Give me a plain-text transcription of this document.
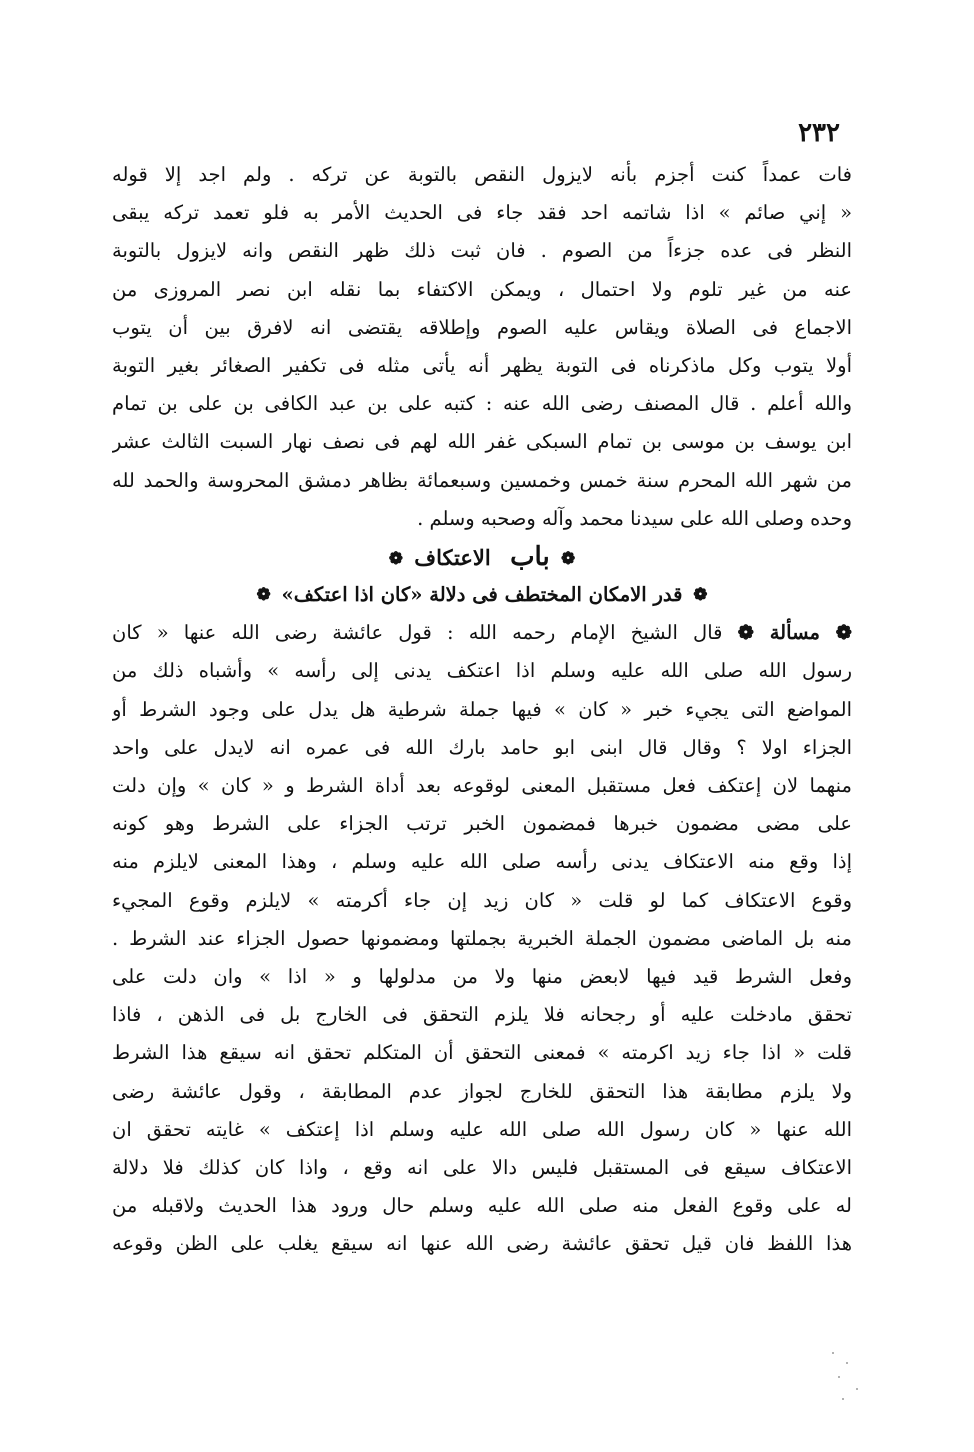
٢٣٢
فات عمداً كنت أجزم بأنه لايزول النقص بالتوبة عن تركه . ولم اجد إلا قوله
« إني صائم » اذا شاتمه احد فقد جاء فى الحديث الأمر به فلو تعمد تركه يبقى
النظر فى عده جزءاً من الصوم . فان ثبت ذلك ظهر النقص وانه لايزول بالتوبة
عنه من غير تلوم ولا احتمال ، ويمكن الاكتفاء بما نقله ابن نصر المروزى من
الاجماع فى الصلاة ويقاس عليه الصوم وإطلاقه يقتضى انه لافرق بين أن يتوب
أولا يتوب وكل ماذكرناه فى التوبة يظهر أنه يأتى مثله فى تكفير الصغائر بغير التوبة
والله أعلم . قال المصنف رضى الله عنه : كتبه على بن عبد الكافى بن على بن تمام
ابن يوسف بن موسى بن تمام السبكى غفر الله لهم فى نصف نهار السبت الثالث عشر
من شهر الله المحرم سنة خمس وخمسين وسبعمائة بظاهر دمشق المحروسة والحمد لله
وحده وصلى الله على سيدنا محمد وآله وصحبه وسلم .
❁ باب الاعتكاف ❁
❁ قدر الامكان المختطف فى دلالة «كان اذا اعتكف» ❁
❁ مسألة ❁ قال الشيخ الإمام رحمه الله : قول عائشة رضى الله عنها « كان
رسول الله صلى الله عليه وسلم اذا اعتكف يدنى إلى رأسه » وأشباه ذلك من
المواضع التى يجيء خبر « كان » فيها جملة شرطية هل يدل على وجود الشرط أو
الجزاء اولا ؟ وقال قال ابنى ابو حامد بارك الله فى عمره انه لايدل على واحد
منهما لان إعتكف فعل مستقبل المعنى لوقوعه بعد أداة الشرط و « كان » وإن دلت
على مضى مضمون خبرها فمضمون الخبر ترتب الجزاء على الشرط وهو كونه
إذا وقع منه الاعتكاف يدنى رأسه صلى الله عليه وسلم ، وهذا المعنى لايلزم منه
وقوع الاعتكاف كما لو قلت « كان زيد إن جاء أكرمته » لايلزم وقوع المجيء
منه بل الماضى مضمون الجملة الخبرية بجملتها ومضمونها حصول الجزاء عند الشرط .
وفعل الشرط قيد فيها لابعض منها ولا من مدلولها و « اذا » وان دلت على
تحقق مادخلت عليه أو رجحانه فلا يلزم التحقق فى الخارج بل فى الذهن ، فاذا
قلت « اذا جاء زيد اكرمته » فمعنى التحقق أن المتكلم تحقق انه سيقع هذا الشرط
ولا يلزم مطابقة هذا التحقق للخارج لجواز عدم المطابقة ، وقول عائشة رضى
الله عنها « كان رسول الله صلى الله عليه وسلم اذا إعتكف » غايته تحقق ان
الاعتكاف سيقع فى المستقبل فليس دالا على انه وقع ، واذا كان كذلك فلا دلالة
له على وقوع الفعل منه صلى الله عليه وسلم حال ورود هذا الحديث ولاقبله من
هذا اللفظ فان قيل تحقق عائشة رضى الله عنها انه سيقع يغلب على الظن وقوعه
